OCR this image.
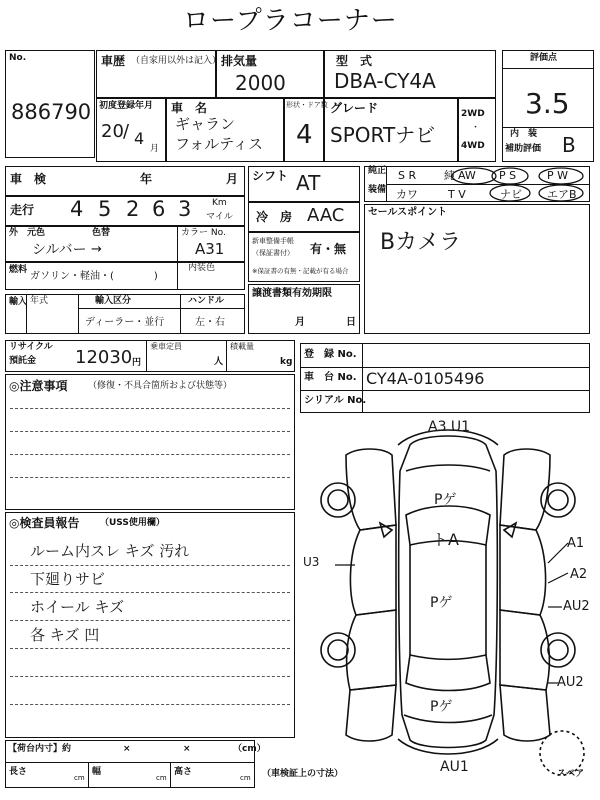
ロープラコーナー
No.
886790
車歴 （自家用以外は記入） 排気量
2000
型　式
DBA-CY4A
評価点
3.5
内　装
補助評価 B
初度登録年月
20 / 4
月
車　名
ギャラン
フォルティス
形状・ドア数
4
グレード
SPORTナビ
2WD
・
4WD
車　検	年	月
走行 4 5 2 6 3 Km
マイル
外　元色	色替
シルバー →
カラー No.
A31
燃料
ガソリン・軽油・(　　　　)
内装色
輸入 年式	輸入区分
ディーラー・並行
ハンドル
左・右
シフト AT
冷　房 AAC
新車整備手帳
（保証書付） 有・無
※保証書の有無・記載が有る場合
譲渡書類有効期限
月	日
純正
装備
S R	純 AW P S	P W
カワ	T V	ナビ エアB
セールスポイント
Bカメラ
リサイクル
預託金 12030 円
乗車定員
人
積載量
kg
登　録 No.
車　台 No. CY4A-0105496
シリアル No.
◎注意事項 （修復・不具合箇所および状態等）
◎検査員報告 （USS使用欄）
ルーム内スレ キズ 汚れ
下廻りサビ
ホイール キズ
各 キズ 凹
【荷台内寸】約	×	×	（cm）
長さ
cm
幅
cm
高さ
cm （車検証上の寸法）
A3 U1
Pゲ
トA
Pゲ
Pゲ
U3
A1
A2
AU2
AU2
AU1	スペア
